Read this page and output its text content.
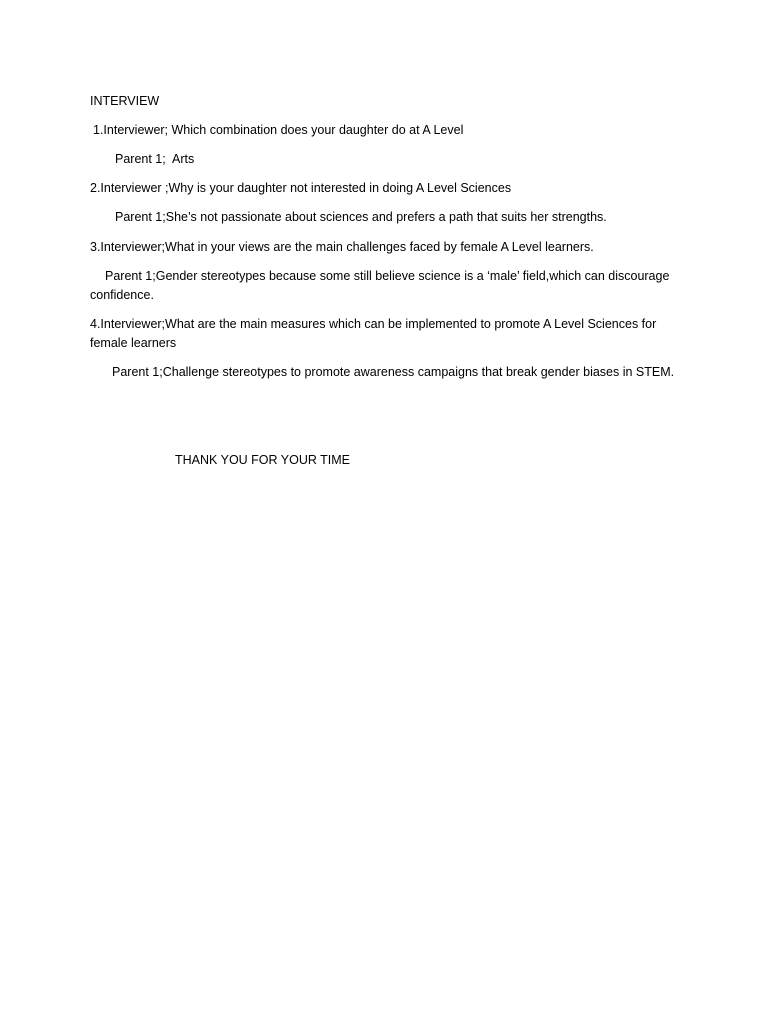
INTERVIEW
1.Interviewer; Which combination does your daughter do at A Level
Parent 1;  Arts
2.Interviewer ;Why is your daughter not interested in doing A Level Sciences
Parent 1;She’s not passionate about sciences and prefers a path that suits her strengths.
3.Interviewer;What in your views are the main challenges faced by female A Level learners.
Parent 1;Gender stereotypes because some still believe science is a ‘male’ field,which can discourage
confidence.
4.Interviewer;What are the main measures which can be implemented to promote A Level Sciences for
female learners
Parent 1;Challenge stereotypes to promote awareness campaigns that break gender biases in STEM.
THANK YOU FOR YOUR TIME
